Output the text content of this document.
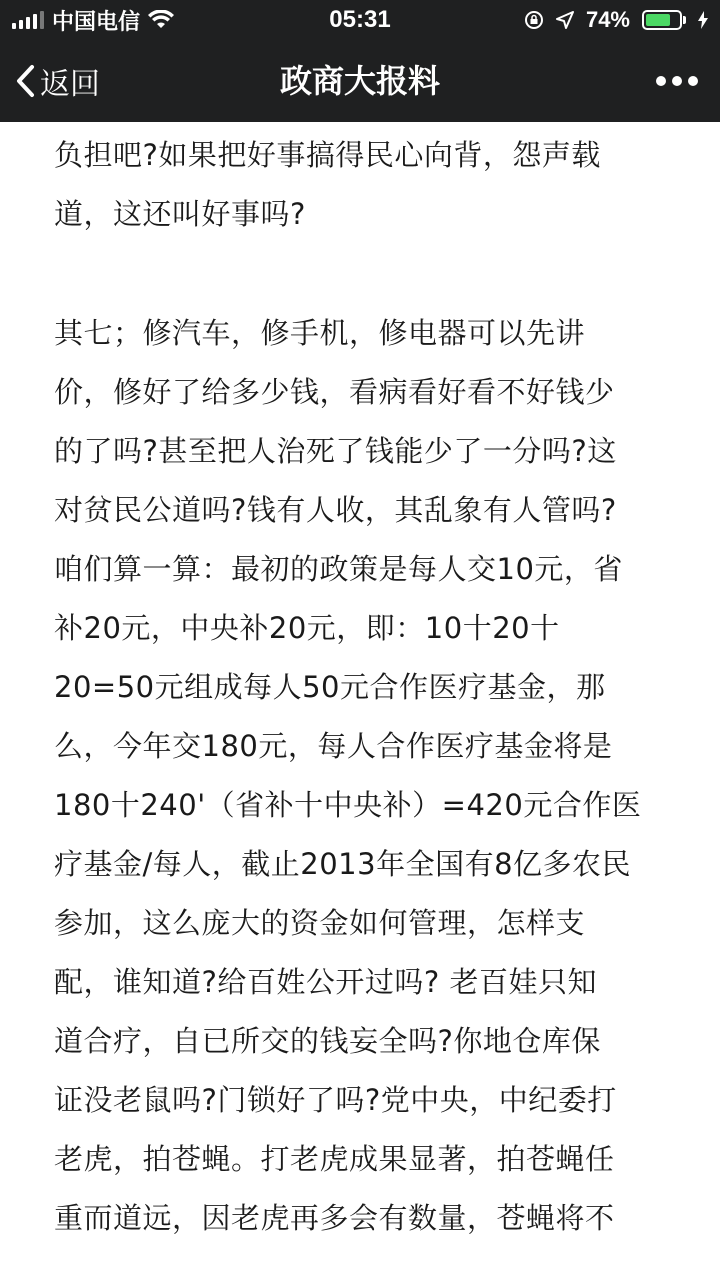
中国电信	05:31	74%
返回	政商大报料

负担吧?如果把好事搞得民心向背，怨声载
道，这还叫好事吗?

其七；修汽车，修手机，修电器可以先讲
价，修好了给多少钱，看病看好看不好钱少
的了吗?甚至把人治死了钱能少了一分吗?这
对贫民公道吗?钱有人收，其乱象有人管吗?
咱们算一算：最初的政策是每人交10元，省
补20元，中央补20元，即：10十20十
20=50元组成每人50元合作医疗基金，那
么，今年交180元，每人合作医疗基金将是
180十240'（省补十中央补）=420元合作医
疗基金/每人，截止2013年全国有8亿多农民
参加，这么庞大的资金如何管理，怎样支
配，谁知道?给百姓公开过吗? 老百娃只知
道合疗，自已所交的钱妄全吗?你地仓库保
证没老鼠吗?门锁好了吗?党中央，中纪委打
老虎，拍苍蝇。打老虎成果显著，拍苍蝇任
重而道远，因老虎再多会有数量，苍蝇将不
